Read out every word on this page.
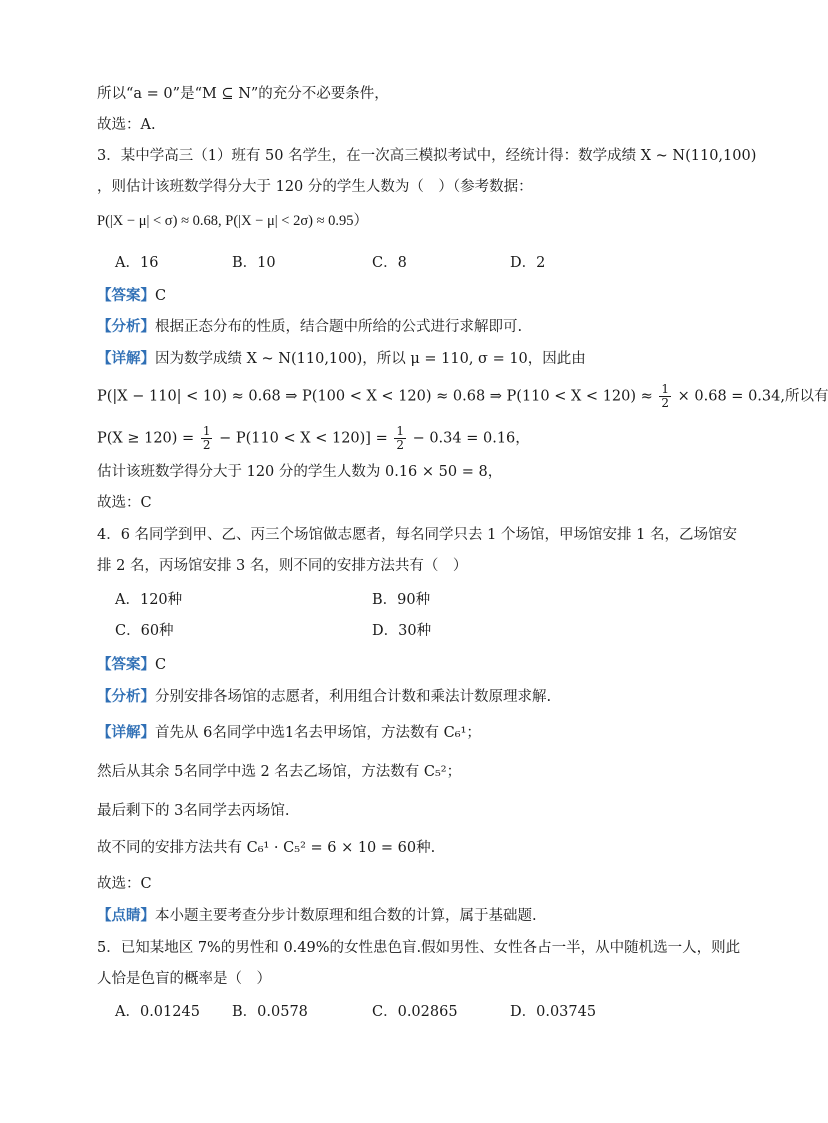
所以“a = 0”是“M ⊆ N”的充分不必要条件，
故选：A.
3．某中学高三（1）班有 50 名学生，在一次高三模拟考试中，经统计得：数学成绩 X ~ N(110,100)
，则估计该班数学得分大于 120 分的学生人数为（　）（参考数据：
P(|X − μ| < σ) ≈ 0.68, P(|X − μ| < 2σ) ≈ 0.95）
A．16	B．10	C．8	D．2
【答案】C
【分析】根据正态分布的性质，结合题中所给的公式进行求解即可.
【详解】因为数学成绩 X ~ N(110,100)，所以 μ = 110, σ = 10，因此由
P(|X − 110| < 10) ≈ 0.68 ⇒ P(100 < X < 120) ≈ 0.68 ⇒ $P(110 < X < 120) \approx \frac{1}{2} \times 0.68 = 0.34$,所以有
$P(X \ge 120) = \frac{1}{2} - P(110 < X < 120)] = \frac{1}{2} - 0.34 = 0.16$，
估计该班数学得分大于 120 分的学生人数为 0.16 × 50 = 8，
故选：C
4．6 名同学到甲、乙、丙三个场馆做志愿者，每名同学只去 1 个场馆，甲场馆安排 1 名，乙场馆安
排 2 名，丙场馆安排 3 名，则不同的安排方法共有（　）
A．120种	B．90种
C．60种	D．30种
【答案】C
【分析】分别安排各场馆的志愿者，利用组合计数和乘法计数原理求解.
【详解】首先从 6名同学中选1名去甲场馆，方法数有 C₆¹；
然后从其余 5名同学中选 2 名去乙场馆，方法数有 C₅²；
最后剩下的 3名同学去丙场馆.
故不同的安排方法共有 C₆¹ · C₅² = 6 × 10 = 60种.
故选：C
【点睛】本小题主要考查分步计数原理和组合数的计算，属于基础题.
5．已知某地区 7%的男性和 0.49%的女性患色盲.假如男性、女性各占一半，从中随机选一人，则此
人恰是色盲的概率是（　）
A．0.01245 B．0.0578	C．0.02865	D．0.03745
